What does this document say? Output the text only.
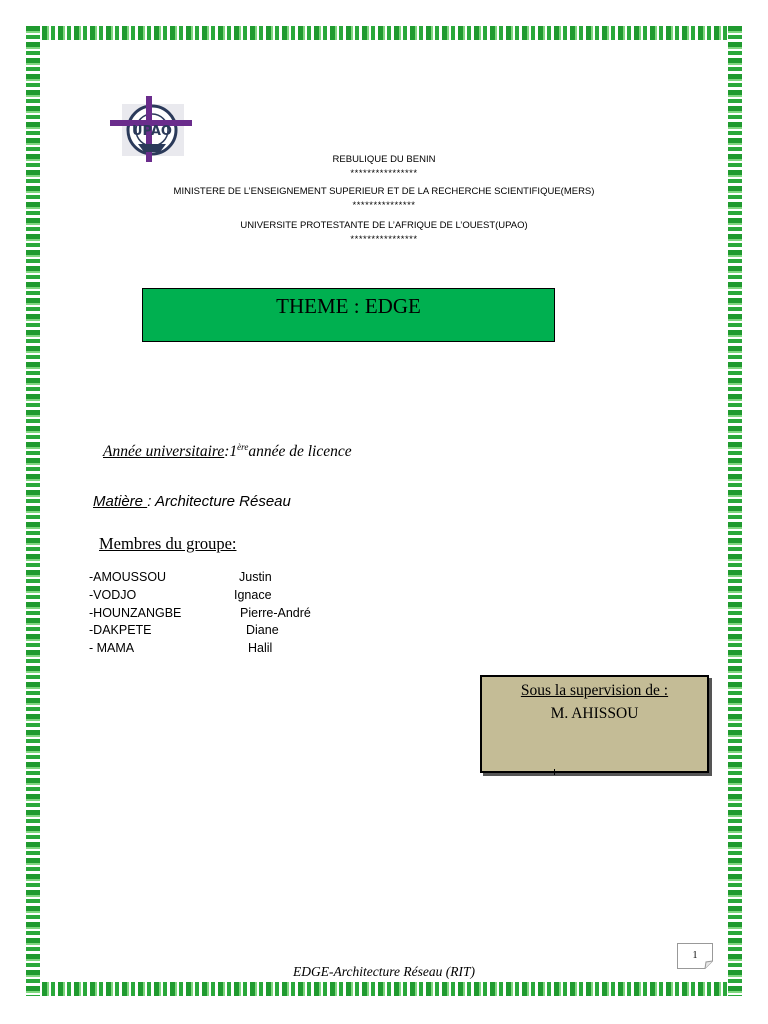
UPAO
REBULIQUE DU BENIN
****************
MINISTERE DE L’ENSEIGNEMENT SUPERIEUR ET DE LA RECHERCHE SCIENTIFIQUE(MERS)
***************
UNIVERSITE PROTESTANTE DE L’AFRIQUE DE L’OUEST(UPAO)
****************
THEME : EDGE
Année universitaire:1èreannée de licence
Matière : Architecture Réseau
Membres du groupe:
-AMOUSSOU	Justin
-VODJO	Ignace
-HOUNZANGBE	Pierre-André
-DAKPETE	Diane
- MAMA	Halil
Sous la supervision de :
M. AHISSOU
1
EDGE-Architecture Réseau (RIT)
